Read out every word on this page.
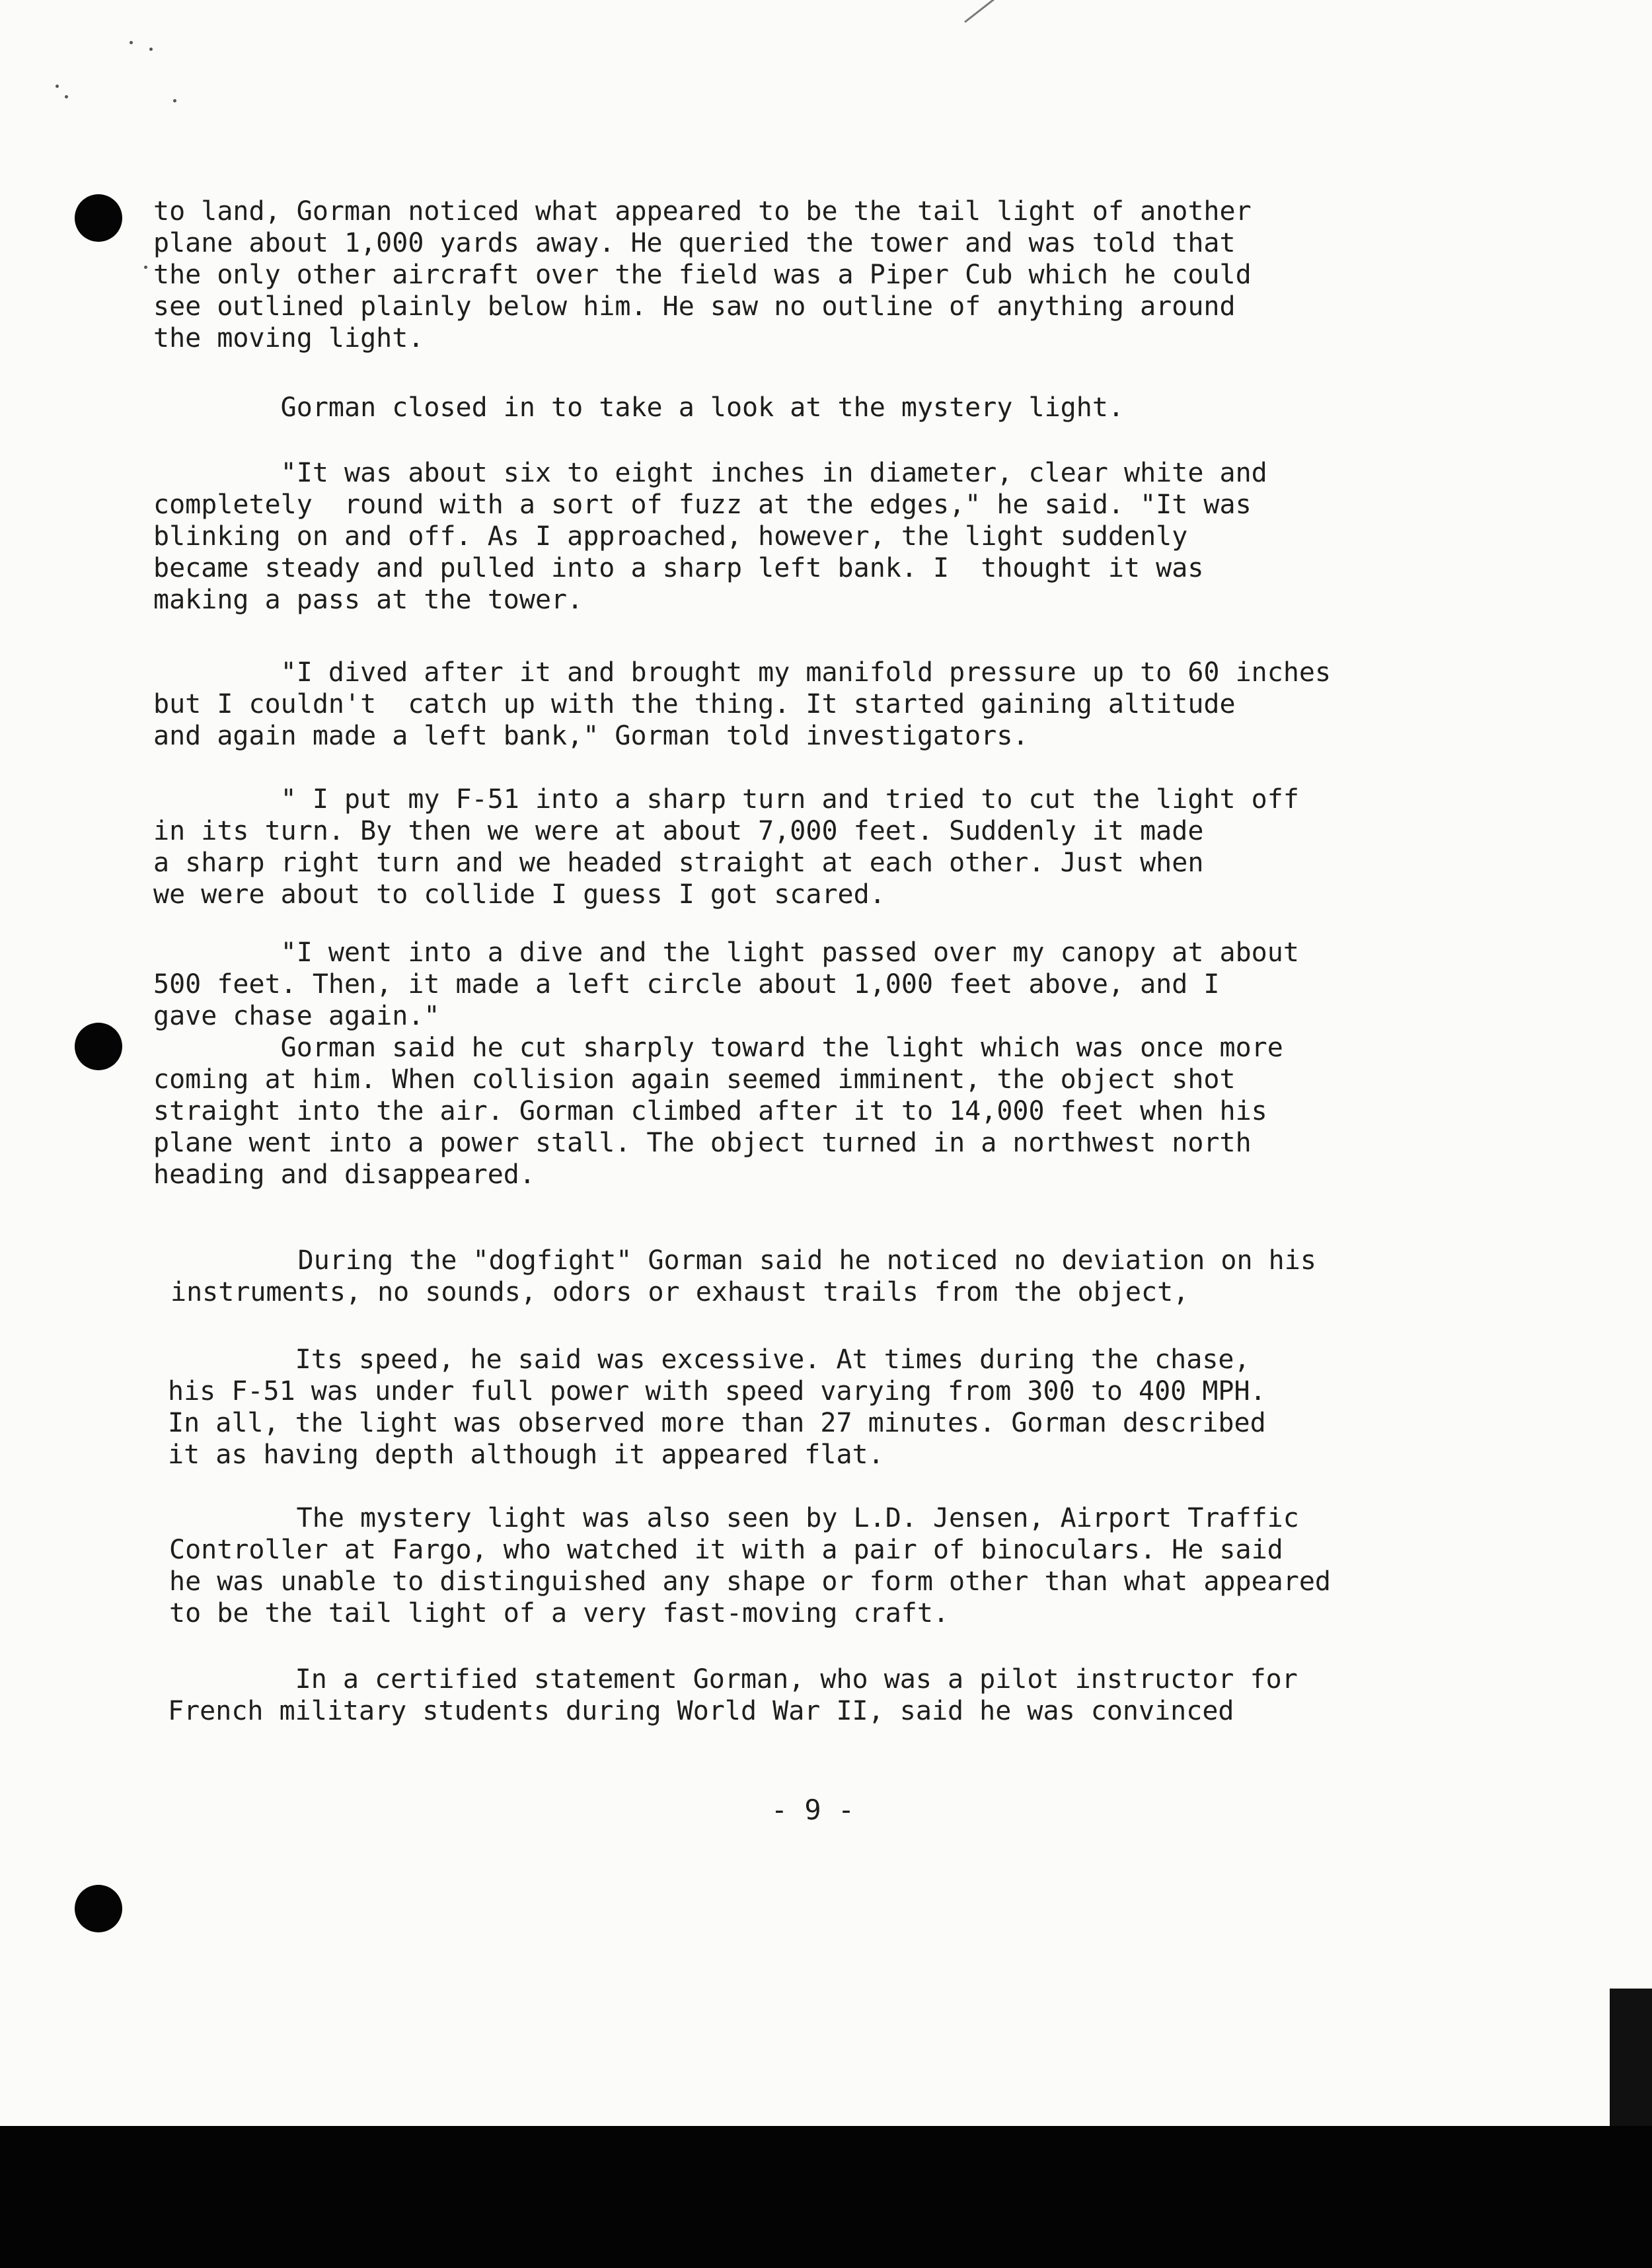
to land, Gorman noticed what appeared to be the tail light of another

plane about 1,000 yards away. He queried the tower and was told that

the only other aircraft over the field was a Piper Cub which he could

see outlined plainly below him. He saw no outline of anything around

the moving light.

Gorman closed in to take a look at the mystery light.

"It was about six to eight inches in diameter, clear white and

completely  round with a sort of fuzz at the edges," he said. "It was

blinking on and off. As I approached, however, the light suddenly

became steady and pulled into a sharp left bank. I  thought it was

making a pass at the tower.

"I dived after it and brought my manifold pressure up to 60 inches

but I couldn't  catch up with the thing. It started gaining altitude

and again made a left bank," Gorman told investigators.

" I put my F-51 into a sharp turn and tried to cut the light off

in its turn. By then we were at about 7,000 feet. Suddenly it made

a sharp right turn and we headed straight at each other. Just when

we were about to collide I guess I got scared.

"I went into a dive and the light passed over my canopy at about

500 feet. Then, it made a left circle about 1,000 feet above, and I

gave chase again."

Gorman said he cut sharply toward the light which was once more

coming at him. When collision again seemed imminent, the object shot

straight into the air. Gorman climbed after it to 14,000 feet when his

plane went into a power stall. The object turned in a northwest north

heading and disappeared.

During the "dogfight" Gorman said he noticed no deviation on his

instruments, no sounds, odors or exhaust trails from the object,

Its speed, he said was excessive. At times during the chase,

his F-51 was under full power with speed varying from 300 to 400 MPH.

In all, the light was observed more than 27 minutes. Gorman described

it as having depth although it appeared flat.

The mystery light was also seen by L.D. Jensen, Airport Traffic

Controller at Fargo, who watched it with a pair of binoculars. He said

he was unable to distinguished any shape or form other than what appeared

to be the tail light of a very fast-moving craft.

In a certified statement Gorman, who was a pilot instructor for

French military students during World War II, said he was convinced

- 9 -
